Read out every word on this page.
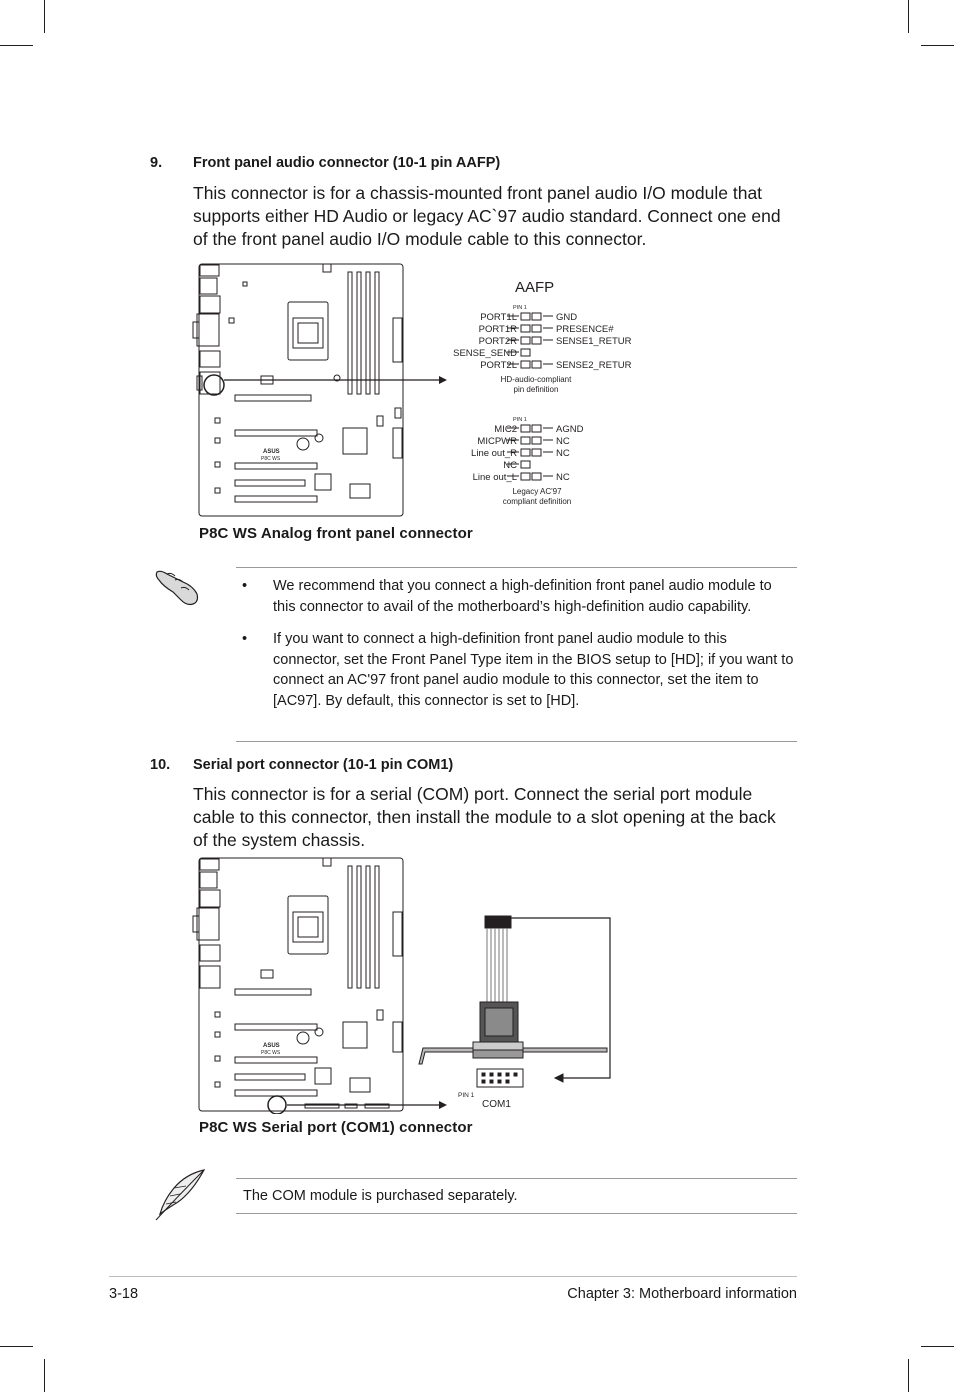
9. Front panel audio connector (10-1 pin AAFP)
This connector is for a chassis-mounted front panel audio I/O module that supports either HD Audio or legacy AC`97 audio standard. Connect one end of the front panel audio I/O module cable to this connector.
ASUS
P8C WS
AAFP
PIN 1
PORT1L
PORT1R
PORT2R
SENSE_SEND
PORT2L
GND
PRESENCE#
SENSE1_RETUR
SENSE2_RETUR
HD-audio-compliant
pin definition
PIN 1
MIC2
MICPWR
Line out_R
NC
Line out_L
AGND
NC
NC
NC
Legacy AC'97
compliant definition
P8C WS Analog front panel connector
• We recommend that you connect a high-definition front panel audio module to this connector to avail of the motherboard’s high-definition audio capability.
• If you want to connect a high-definition front panel audio module to this connector, set the Front Panel Type item in the BIOS setup to [HD]; if you want to connect an AC'97 front panel audio module to this connector, set the item to [AC97]. By default, this connector is set to [HD].
10. Serial port connector (10-1 pin COM1)
This connector is for a serial (COM) port. Connect the serial port module cable to this connector, then install the module to a slot opening at the back of the system chassis.
ASUS
P8C WS
PIN 1
COM1
P8C WS Serial port (COM1) connector
The COM module is purchased separately.
3-18	Chapter 3: Motherboard information
